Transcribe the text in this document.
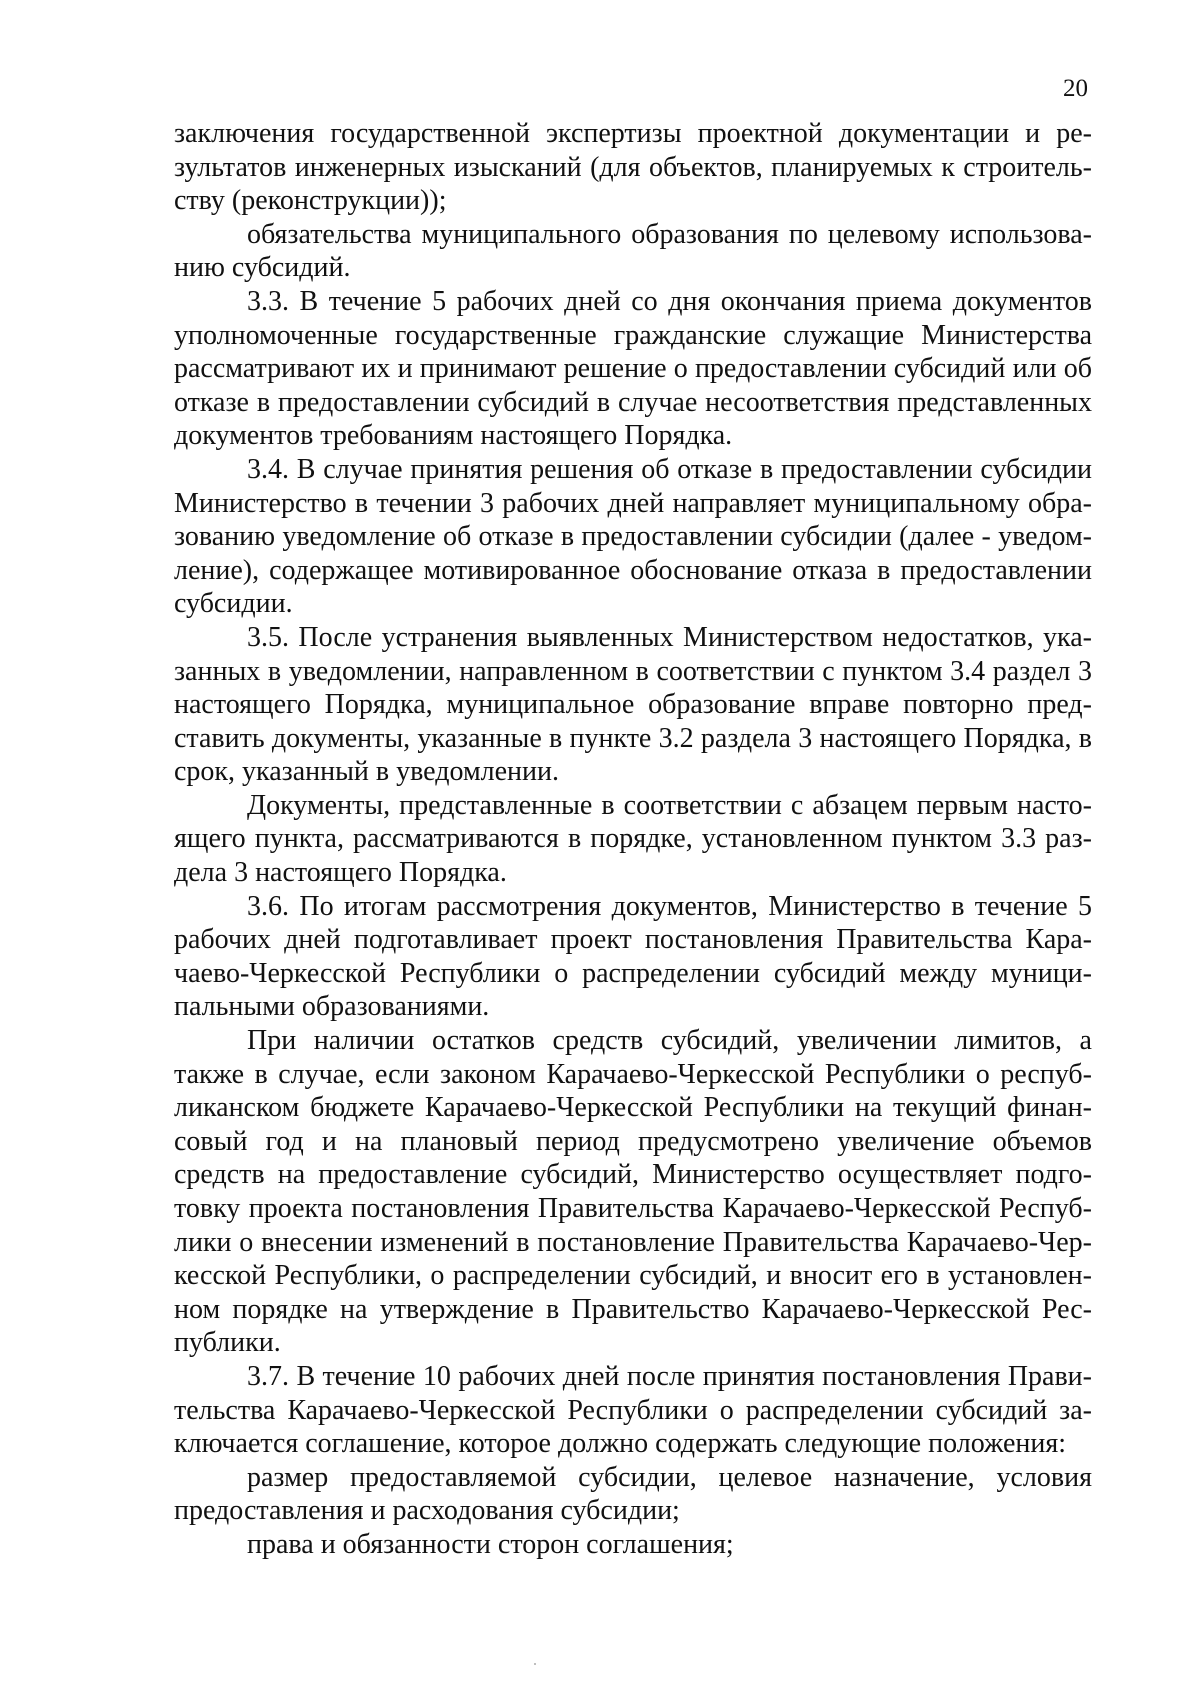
20

заключения государственной экспертизы проектной документации и результатов инженерных изысканий (для объектов, планируемых к строительству (реконструкции));

обязательства муниципального образования по целевому использованию субсидий.

3.3. В течение 5 рабочих дней со дня окончания приема документов уполномоченные государственные гражданские служащие Министерства рассматривают их и принимают решение о предоставлении субсидий или об отказе в предоставлении субсидий в случае несоответствия представленных документов требованиям настоящего Порядка.

3.4. В случае принятия решения об отказе в предоставлении субсидии Министерство в течении 3 рабочих дней направляет муниципальному образованию уведомление об отказе в предоставлении субсидии (далее - уведомление), содержащее мотивированное обоснование отказа в предоставлении субсидии.

3.5. После устранения выявленных Министерством недостатков, указанных в уведомлении, направленном в соответствии с пунктом 3.4 раздел 3 настоящего Порядка, муниципальное образование вправе повторно представить документы, указанные в пункте 3.2 раздела 3 настоящего Порядка, в срок, указанный в уведомлении.

Документы, представленные в соответствии с абзацем первым настоящего пункта, рассматриваются в порядке, установленном пунктом 3.3 раздела 3 настоящего Порядка.

3.6. По итогам рассмотрения документов, Министерство в течение 5 рабочих дней подготавливает проект постановления Правительства Карачаево-Черкесской Республики о распределении субсидий между муниципальными образованиями.

При наличии остатков средств субсидий, увеличении лимитов, а также в случае, если законом Карачаево-Черкесской Республики о республиканском бюджете Карачаево-Черкесской Республики на текущий финансовый год и на плановый период предусмотрено увеличение объемов средств на предоставление субсидий, Министерство осуществляет подготовку проекта постановления Правительства Карачаево-Черкесской Республики о внесении изменений в постановление Правительства Карачаево-Черкесской Республики, о распределении субсидий, и вносит его в установленном порядке на утверждение в Правительство Карачаево-Черкесской Республики.

3.7. В течение 10 рабочих дней после принятия постановления Правительства Карачаево-Черкесской Республики о распределении субсидий заключается соглашение, которое должно содержать следующие положения:

размер предоставляемой субсидии, целевое назначение, условия предоставления и расходования субсидии;

права и обязанности сторон соглашения;
